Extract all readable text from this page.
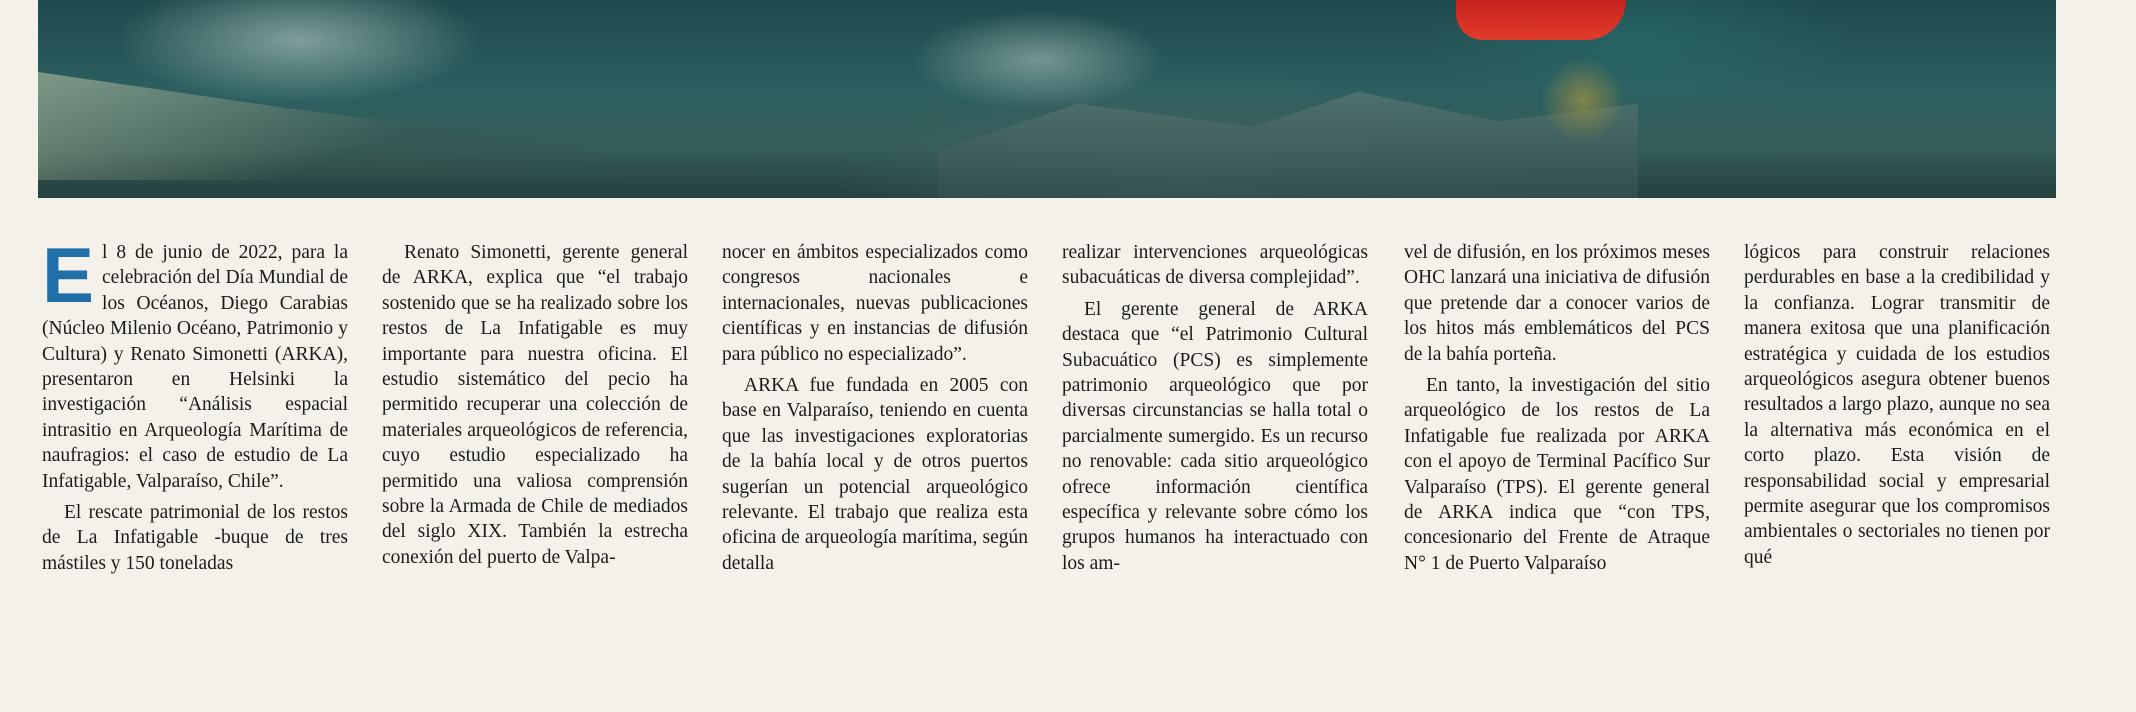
El 8 de junio de 2022, para la celebración del Día Mundial de los Océanos, Diego Carabias (Núcleo Milenio Océano, Patrimonio y Cultura) y Renato Simonetti (ARKA), presentaron en Helsinki la investigación “Análisis espacial intrasitio en Arqueología Marítima de naufragios: el caso de estudio de La Infatigable, Valparaíso, Chile”.

El rescate patrimonial de los restos de La Infatigable -buque de tres mástiles y 150 toneladas

Renato Simonetti, gerente general de ARKA, explica que “el trabajo sostenido que se ha realizado sobre los restos de La Infatigable es muy importante para nuestra oficina. El estudio sistemático del pecio ha permitido recuperar una colección de materiales arqueológicos de referencia, cuyo estudio especializado ha permitido una valiosa comprensión sobre la Armada de Chile de mediados del siglo XIX. También la estrecha conexión del puerto de Valpa-

nocer en ámbitos especializados como congresos nacionales e internacionales, nuevas publicaciones científicas y en instancias de difusión para público no especializado”.

ARKA fue fundada en 2005 con base en Valparaíso, teniendo en cuenta que las investigaciones exploratorias de la bahía local y de otros puertos sugerían un potencial arqueológico relevante. El trabajo que realiza esta oficina de arqueología marítima, según detalla

realizar intervenciones arqueológicas subacuáticas de diversa complejidad”.

El gerente general de ARKA destaca que “el Patrimonio Cultural Subacuático (PCS) es simplemente patrimonio arqueológico que por diversas circunstancias se halla total o parcialmente sumergido. Es un recurso no renovable: cada sitio arqueológico ofrece información científica específica y relevante sobre cómo los grupos humanos ha interactuado con los am-

vel de difusión, en los próximos meses OHC lanzará una iniciativa de difusión que pretende dar a conocer varios de los hitos más emblemáticos del PCS de la bahía porteña.

En tanto, la investigación del sitio arqueológico de los restos de La Infatigable fue realizada por ARKA con el apoyo de Terminal Pacífico Sur Valparaíso (TPS). El gerente general de ARKA indica que “con TPS, concesionario del Frente de Atraque N° 1 de Puerto Valparaíso

lógicos para construir relaciones perdurables en base a la credibilidad y la confianza. Lograr transmitir de manera exitosa que una planificación estratégica y cuidada de los estudios arqueológicos asegura obtener buenos resultados a largo plazo, aunque no sea la alternativa más económica en el corto plazo. Esta visión de responsabilidad social y empresarial permite asegurar que los compromisos ambientales o sectoriales no tienen por qué
